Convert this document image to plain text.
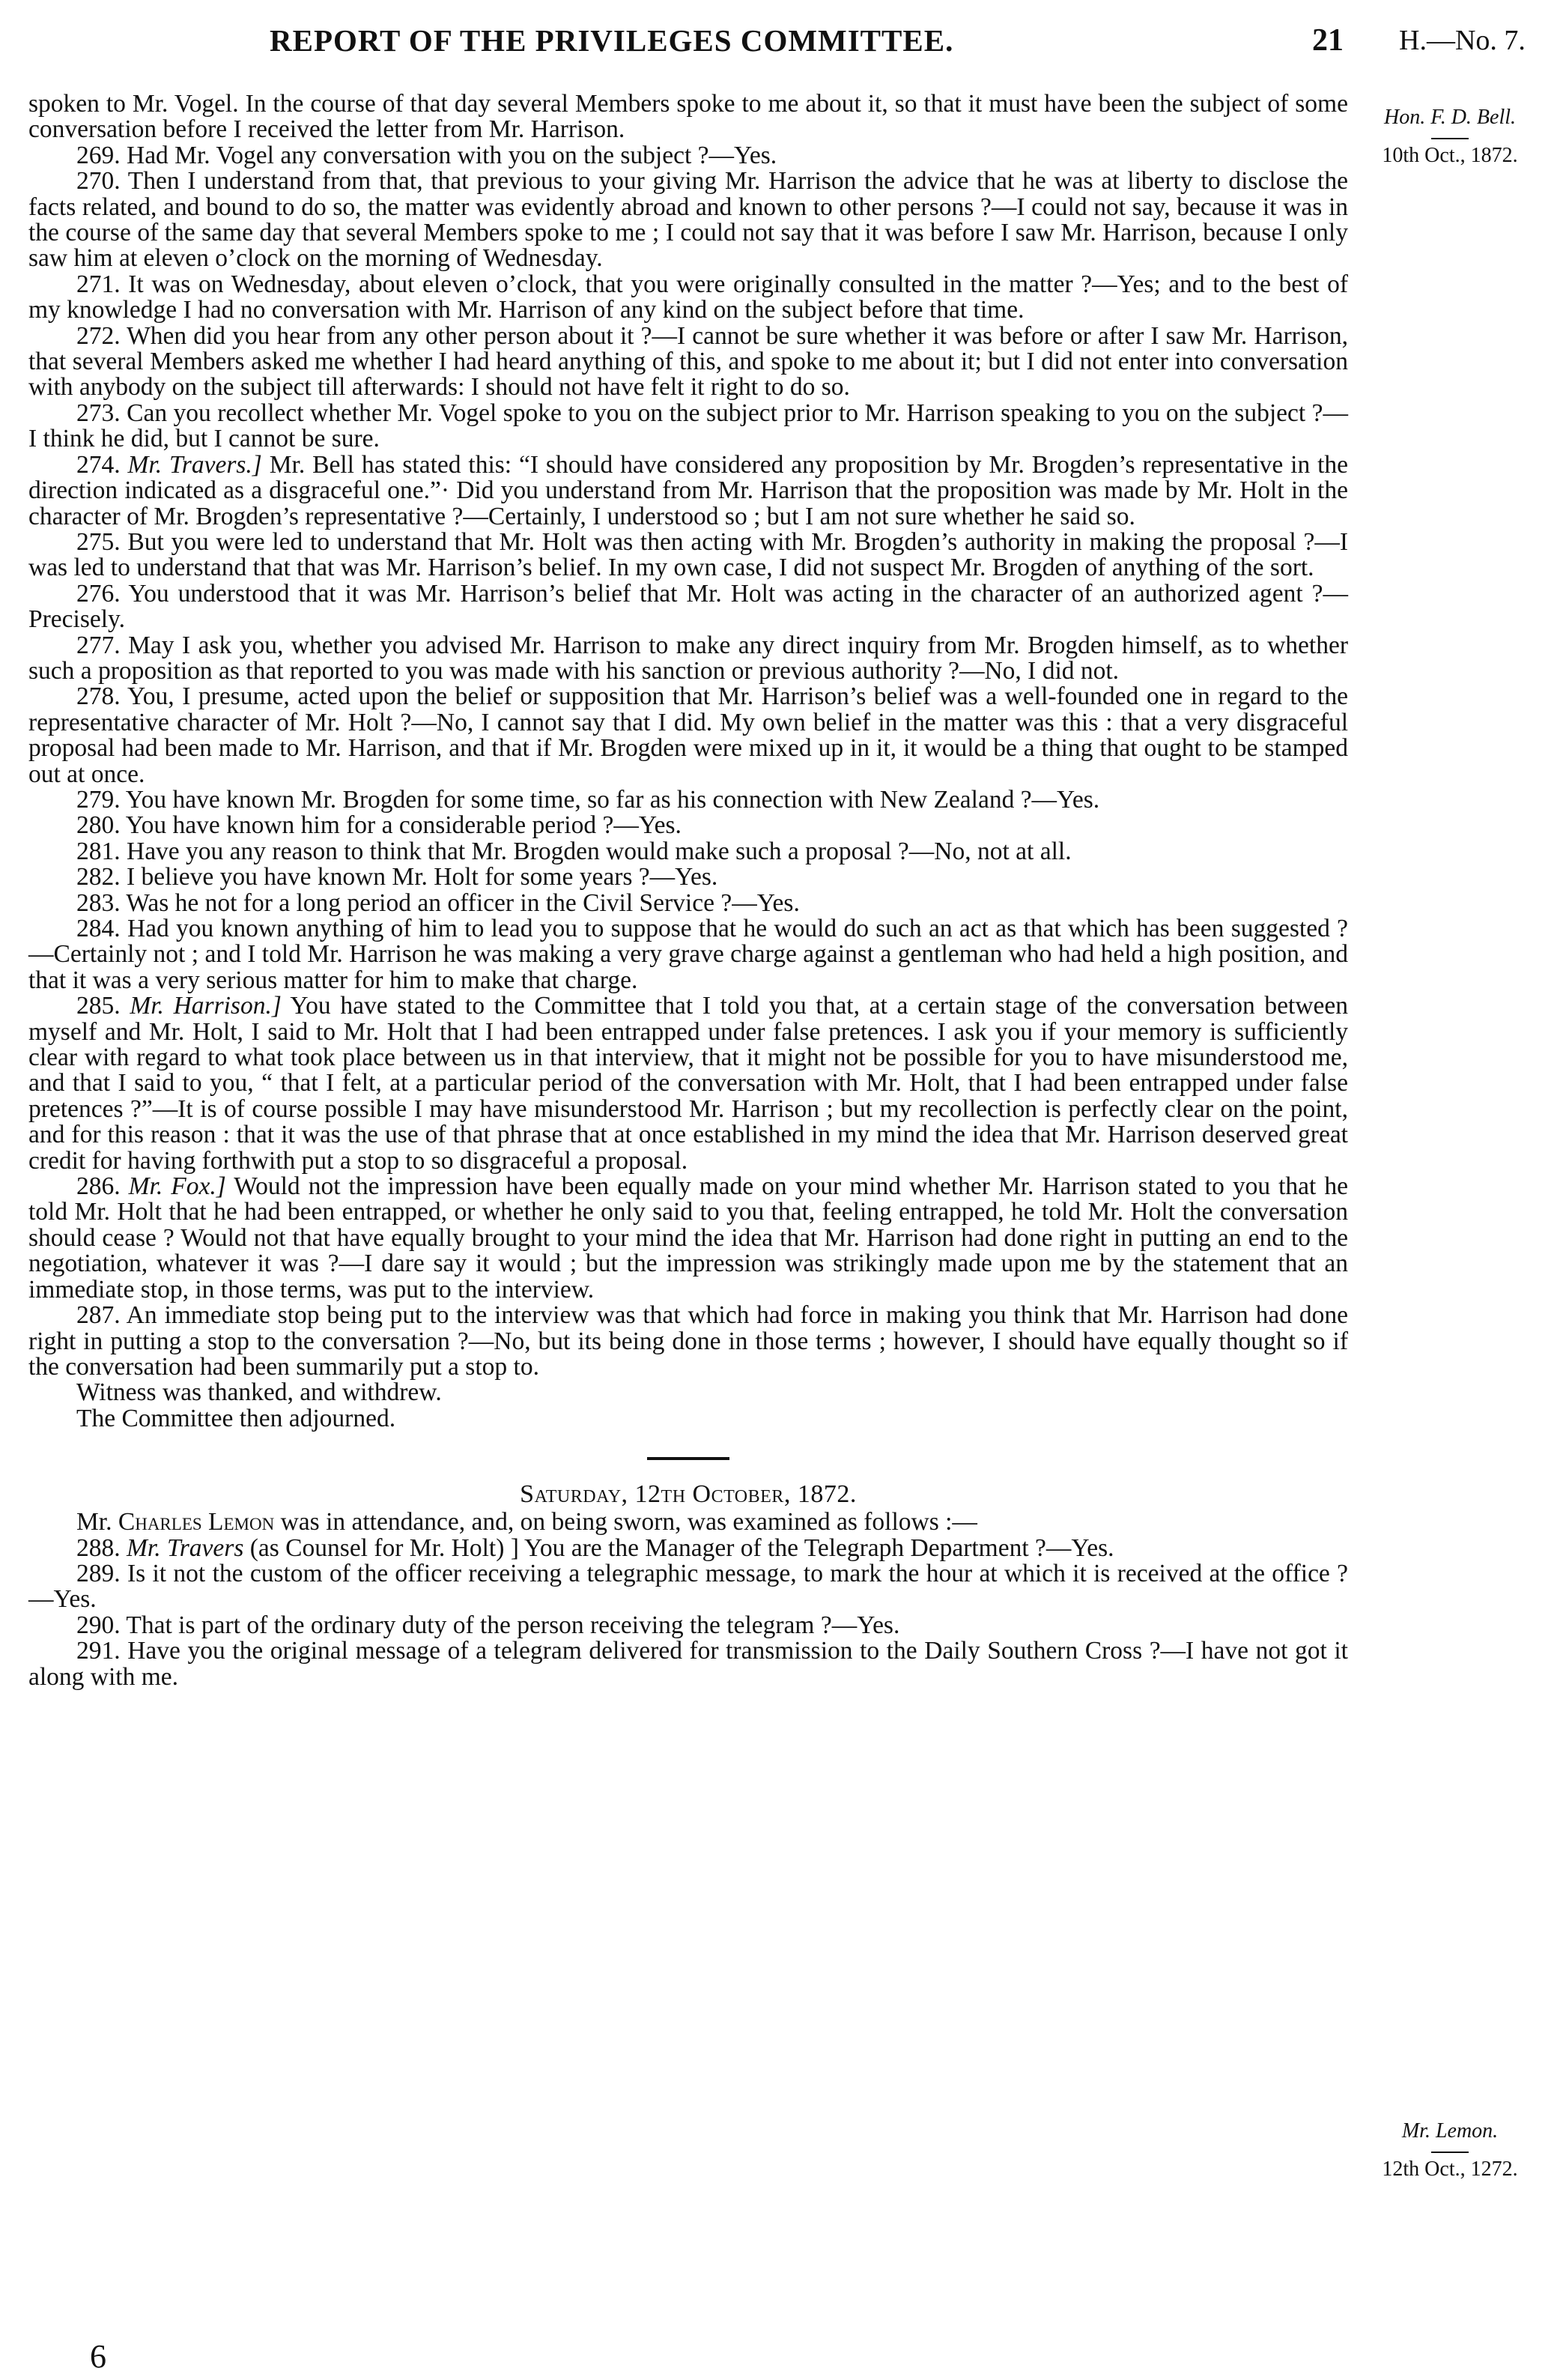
REPORT OF THE PRIVILEGES COMMITTEE.	21 H.—No. 7.
Hon. F. D. Bell.
10th Oct., 1872.
Mr. Lemon.
12th Oct., 1272.

spoken to Mr. Vogel. In the course of that day several Members spoke to me about it, so that it must have been the subject of some conversation before I received the letter from Mr. Harrison.

269. Had Mr. Vogel any conversation with you on the subject ?—Yes.

270. Then I understand from that, that previous to your giving Mr. Harrison the advice that he was at liberty to disclose the facts related, and bound to do so, the matter was evidently abroad and known to other persons ?—I could not say, because it was in the course of the same day that several Members spoke to me ; I could not say that it was before I saw Mr. Harrison, because I only saw him at eleven o’clock on the morning of Wednesday.

271. It was on Wednesday, about eleven o’clock, that you were originally consulted in the matter ?—Yes; and to the best of my knowledge I had no conversation with Mr. Harrison of any kind on the subject before that time.

272. When did you hear from any other person about it ?—I cannot be sure whether it was before or after I saw Mr. Harrison, that several Members asked me whether I had heard anything of this, and spoke to me about it; but I did not enter into conversation with anybody on the subject till afterwards: I should not have felt it right to do so.

273. Can you recollect whether Mr. Vogel spoke to you on the subject prior to Mr. Harrison speaking to you on the subject ?—I think he did, but I cannot be sure.

274. Mr. Travers.] Mr. Bell has stated this: “I should have considered any proposition by Mr. Brogden’s representative in the direction indicated as a disgraceful one.”· Did you understand from Mr. Harrison that the proposition was made by Mr. Holt in the character of Mr. Brogden’s representative ?—Certainly, I understood so ; but I am not sure whether he said so.

275. But you were led to understand that Mr. Holt was then acting with Mr. Brogden’s authority in making the proposal ?—I was led to understand that that was Mr. Harrison’s belief. In my own case, I did not suspect Mr. Brogden of anything of the sort.

276. You understood that it was Mr. Harrison’s belief that Mr. Holt was acting in the character of an authorized agent ?—Precisely.

277. May I ask you, whether you advised Mr. Harrison to make any direct inquiry from Mr. Brogden himself, as to whether such a proposition as that reported to you was made with his sanction or previous authority ?—No, I did not.

278. You, I presume, acted upon the belief or supposition that Mr. Harrison’s belief was a well-founded one in regard to the representative character of Mr. Holt ?—No, I cannot say that I did. My own belief in the matter was this : that a very disgraceful proposal had been made to Mr. Harrison, and that if Mr. Brogden were mixed up in it, it would be a thing that ought to be stamped out at once.

279. You have known Mr. Brogden for some time, so far as his connection with New Zealand ?—Yes.

280. You have known him for a considerable period ?—Yes.

281. Have you any reason to think that Mr. Brogden would make such a proposal ?—No, not at all.

282. I believe you have known Mr. Holt for some years ?—Yes.

283. Was he not for a long period an officer in the Civil Service ?—Yes.

284. Had you known anything of him to lead you to suppose that he would do such an act as that which has been suggested ?—Certainly not ; and I told Mr. Harrison he was making a very grave charge against a gentleman who had held a high position, and that it was a very serious matter for him to make that charge.

285. Mr. Harrison.] You have stated to the Committee that I told you that, at a certain stage of the conversation between myself and Mr. Holt, I said to Mr. Holt that I had been entrapped under false pretences. I ask you if your memory is sufficiently clear with regard to what took place between us in that interview, that it might not be possible for you to have misunderstood me, and that I said to you, “ that I felt, at a particular period of the conversation with Mr. Holt, that I had been entrapped under false pretences ?”—It is of course possible I may have misunderstood Mr. Harrison ; but my recollection is perfectly clear on the point, and for this reason : that it was the use of that phrase that at once established in my mind the idea that Mr. Harrison deserved great credit for having forthwith put a stop to so disgraceful a proposal.

286. Mr. Fox.] Would not the impression have been equally made on your mind whether Mr. Harrison stated to you that he told Mr. Holt that he had been entrapped, or whether he only said to you that, feeling entrapped, he told Mr. Holt the conversation should cease ? Would not that have equally brought to your mind the idea that Mr. Harrison had done right in putting an end to the negotiation, whatever it was ?—I dare say it would ; but the impression was strikingly made upon me by the statement that an immediate stop, in those terms, was put to the interview.

287. An immediate stop being put to the interview was that which had force in making you think that Mr. Harrison had done right in putting a stop to the conversation ?—No, but its being done in those terms ; however, I should have equally thought so if the conversation had been summarily put a stop to.

Witness was thanked, and withdrew.

The Committee then adjourned.

Saturday, 12th October, 1872.

Mr. Charles Lemon was in attendance, and, on being sworn, was examined as follows :—

288. Mr. Travers (as Counsel for Mr. Holt) ] You are the Manager of the Telegraph Department ?—Yes.

289. Is it not the custom of the officer receiving a telegraphic message, to mark the hour at which it is received at the office ?—Yes.

290. That is part of the ordinary duty of the person receiving the telegram ?—Yes.

291. Have you the original message of a telegram delivered for transmission to the Daily Southern Cross ?—I have not got it along with me.

6
